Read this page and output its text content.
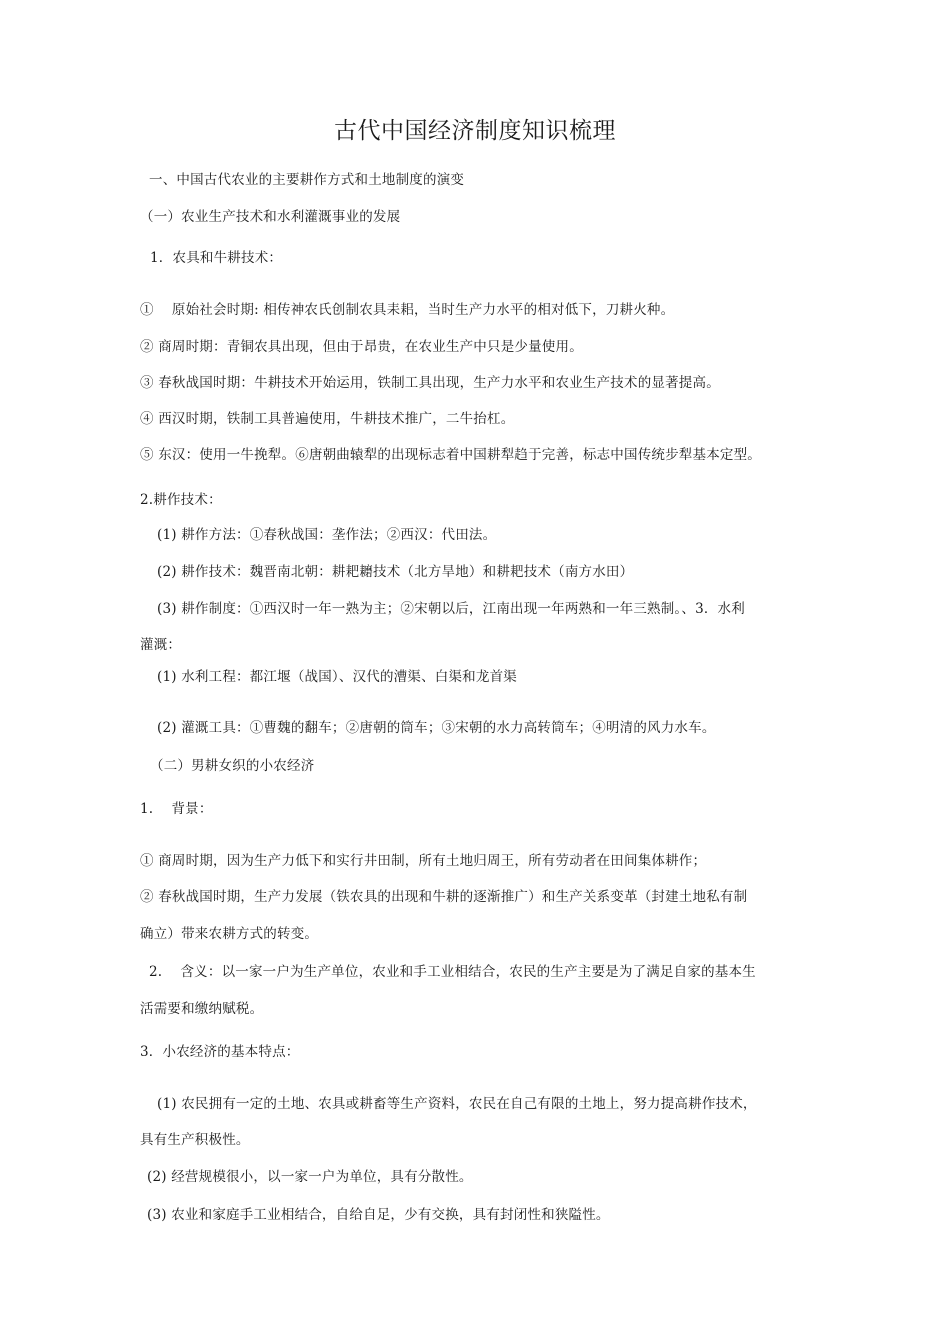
古代中国经济制度知识梳理
一、中国古代农业的主要耕作方式和土地制度的演变
（一）农业生产技术和水利灌溉事业的发展
1．农具和牛耕技术：
①　 原始社会时期: 相传神农氏创制农具耒耜，当时生产力水平的相对低下，刀耕火种。
② 商周时期：青铜农具出现，但由于昂贵，在农业生产中只是少量使用。
③ 春秋战国时期：牛耕技术开始运用，铁制工具出现，生产力水平和农业生产技术的显著提高。
④ 西汉时期，铁制工具普遍使用，牛耕技术推广，二牛抬杠。
⑤ 东汉：使用一牛挽犁。⑥唐朝曲辕犁的出现标志着中国耕犁趋于完善，标志中国传统步犁基本定型。
2.耕作技术：
(1) 耕作方法：①春秋战国：垄作法；②西汉：代田法。
(2) 耕作技术：魏晋南北朝：耕耙耱技术（北方旱地）和耕耙技术（南方水田）
(3) 耕作制度：①西汉时一年一熟为主；②宋朝以后，江南出现一年两熟和一年三熟制。、3．水利
灌溉：
(1) 水利工程：都江堰（战国）、汉代的漕渠、白渠和龙首渠
(2) 灌溉工具：①曹魏的翻车；②唐朝的筒车；③宋朝的水力高转筒车；④明清的风力水车。
（二）男耕女织的小农经济
1.　 背景：
① 商周时期，因为生产力低下和实行井田制，所有土地归周王，所有劳动者在田间集体耕作；
② 春秋战国时期，生产力发展（铁农具的出现和牛耕的逐渐推广）和生产关系变革（封建土地私有制
确立）带来农耕方式的转变。
2.　 含义：以一家一户为生产单位，农业和手工业相结合，农民的生产主要是为了满足自家的基本生
活需要和缴纳赋税。
3．小农经济的基本特点：
(1) 农民拥有一定的土地、农具或耕畜等生产资料，农民在自己有限的土地上，努力提高耕作技术，
具有生产积极性。
(2) 经营规模很小，以一家一户为单位，具有分散性。
(3) 农业和家庭手工业相结合，自给自足，少有交换，具有封闭性和狭隘性。
